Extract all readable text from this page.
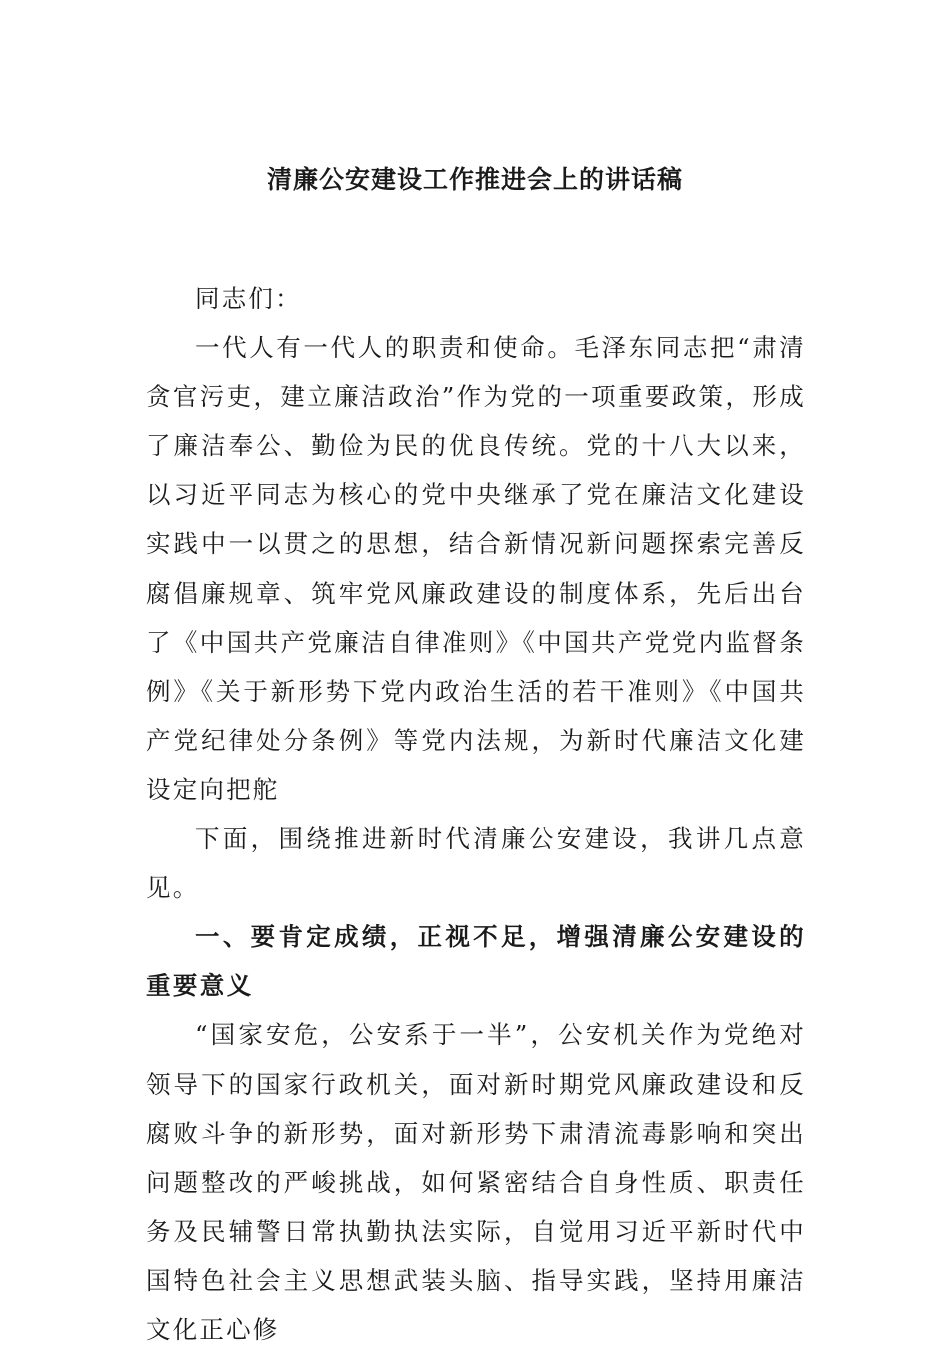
清廉公安建设工作推进会上的讲话稿

同志们：

一代人有一代人的职责和使命。毛泽东同志把“肃清贪官污吏，建立廉洁政治”作为党的一项重要政策，形成了廉洁奉公、勤俭为民的优良传统。党的十八大以来，以习近平同志为核心的党中央继承了党在廉洁文化建设实践中一以贯之的思想，结合新情况新问题探索完善反腐倡廉规章、筑牢党风廉政建设的制度体系，先后出台了《中国共产党廉洁自律准则》《中国共产党党内监督条例》《关于新形势下党内政治生活的若干准则》《中国共产党纪律处分条例》等党内法规，为新时代廉洁文化建设定向把舵

下面，围绕推进新时代清廉公安建设，我讲几点意见。

一、要肯定成绩，正视不足，增强清廉公安建设的重要意义

“国家安危，公安系于一半”，公安机关作为党绝对领导下的国家行政机关，面对新时期党风廉政建设和反腐败斗争的新形势，面对新形势下肃清流毒影响和突出问题整改的严峻挑战，如何紧密结合自身性质、职责任务及民辅警日常执勤执法实际，自觉用习近平新时代中国特色社会主义思想武装头脑、指导实践，坚持用廉洁文化正心修
